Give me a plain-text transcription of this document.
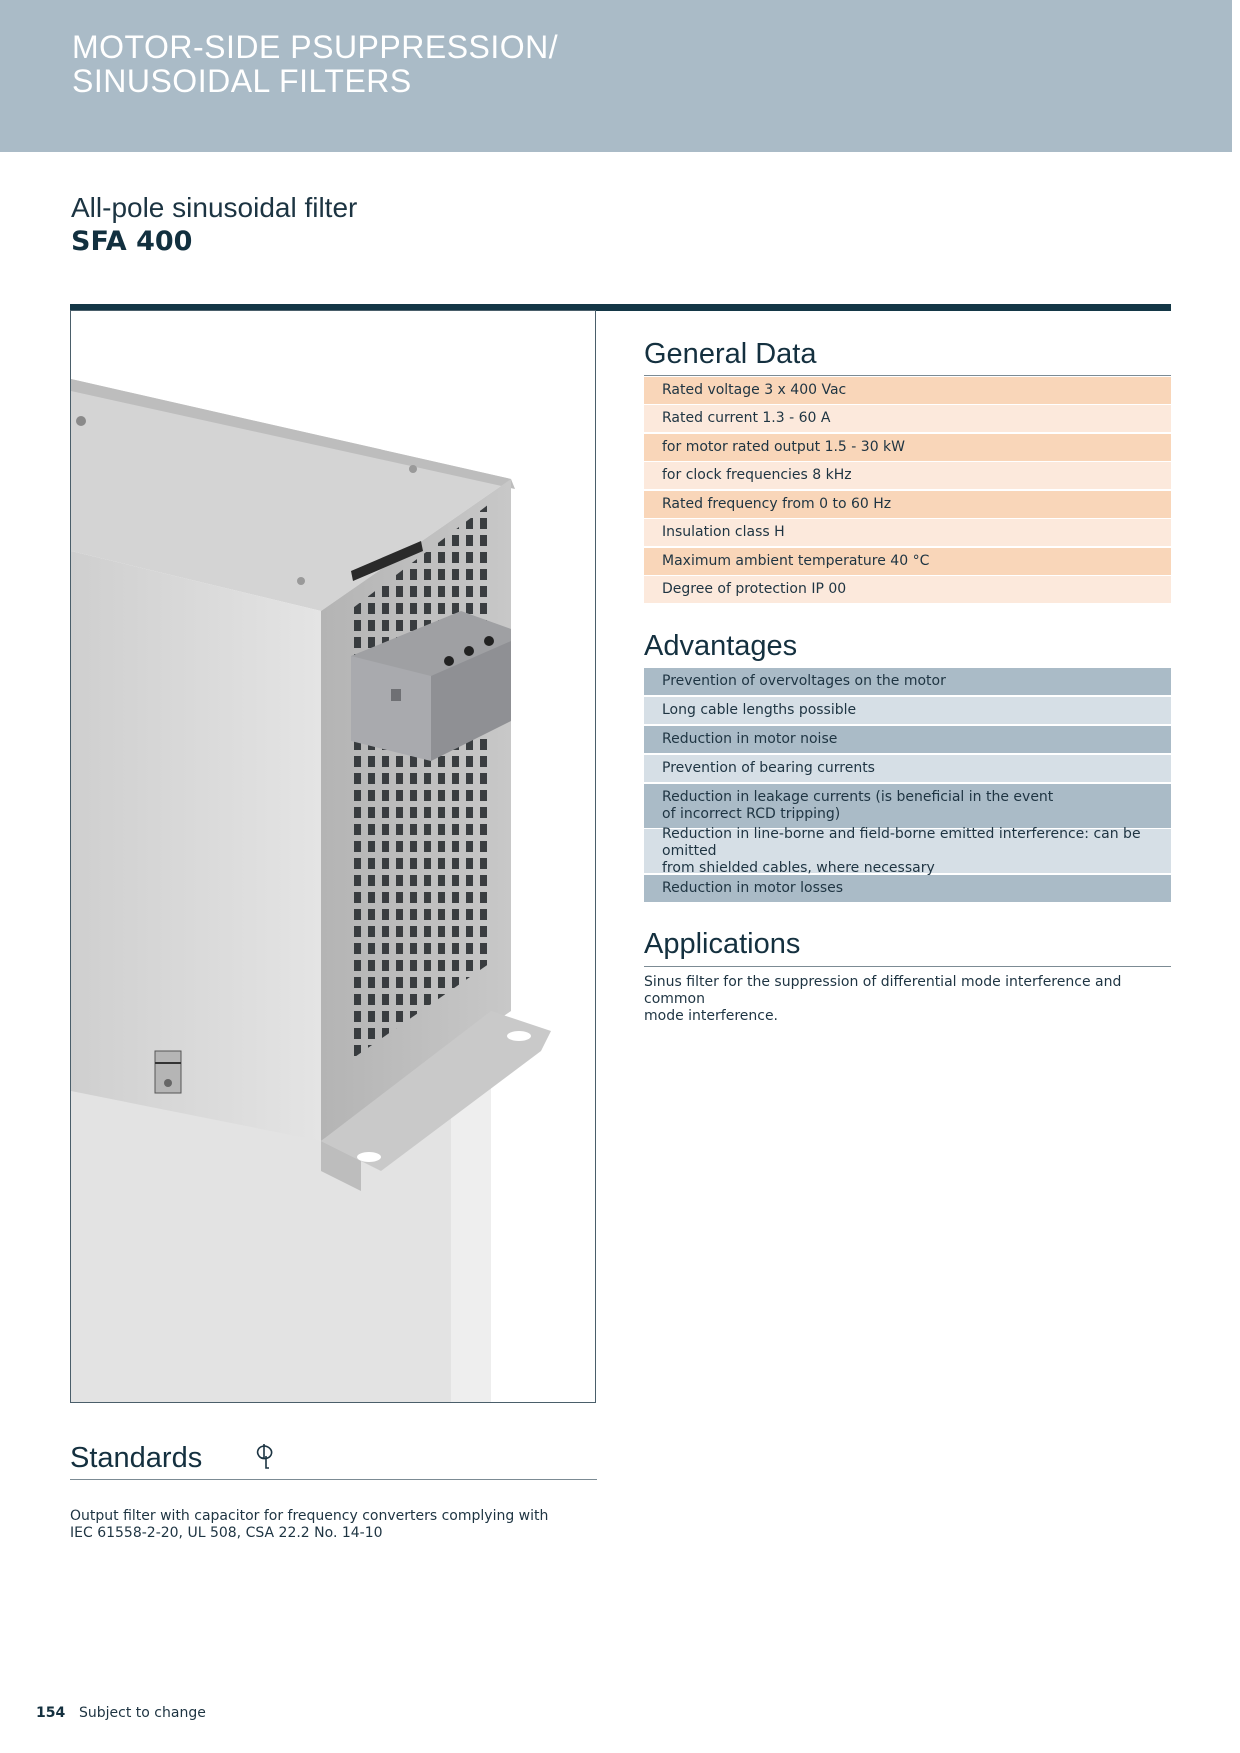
MOTOR-SIDE PSUPPRESSION/
SINUSOIDAL FILTERS
All-pole sinusoidal filter
SFA 400
General Data
Rated voltage 3 x 400 Vac
Rated current 1.3 - 60 A
for motor rated output 1.5 - 30 kW
for clock frequencies 8 kHz
Rated frequency from 0 to 60 Hz
Insulation class H
Maximum ambient temperature 40 °C
Degree of protection IP 00
Advantages
Prevention of overvoltages on the motor
Long cable lengths possible
Reduction in motor noise
Prevention of bearing currents
Reduction in leakage currents (is beneficial in the event
of incorrect RCD tripping)
Reduction in line-borne and field-borne emitted interference: can be omitted
from shielded cables, where necessary
Reduction in motor losses
Applications
Sinus filter for the suppression of differential mode interference and common
mode interference.
Standards
Output filter with capacitor for frequency converters complying with
IEC 61558-2-20, UL 508, CSA 22.2 No. 14-10
154 Subject to change
